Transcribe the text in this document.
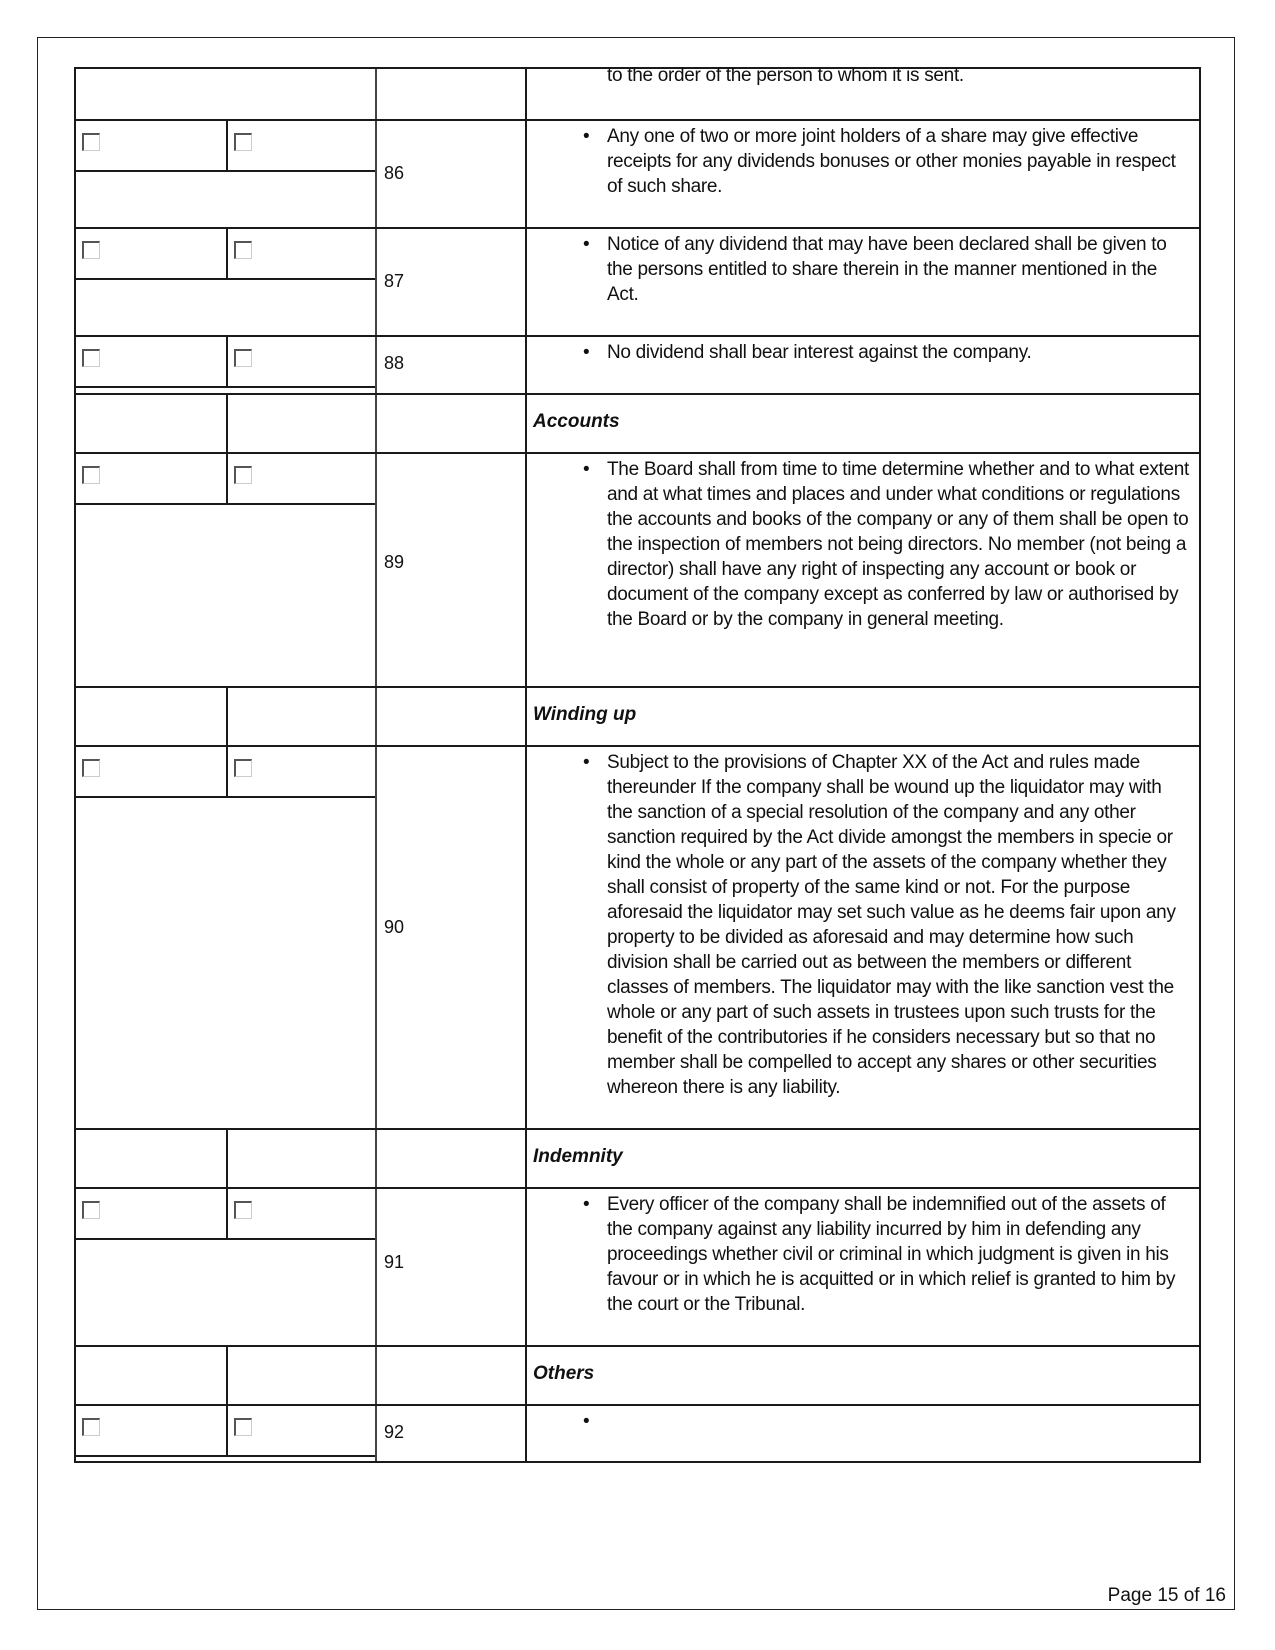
to the order of the person to whom it is sent.
86
• Any one of two or more joint holders of a share may give effective receipts for any dividends bonuses or other monies payable in respect of such share.
87
• Notice of any dividend that may have been declared shall be given to the persons entitled to share therein in the manner mentioned in the Act.
88	• No dividend shall bear interest against the company.
Accounts
89
• The Board shall from time to time determine whether and to what extent and at what times and places and under what conditions or regulations the accounts and books of the company or any of them shall be open to the inspection of members not being directors. No member (not being a director) shall have any right of inspecting any account or book or document of the company except as conferred by law or authorised by the Board or by the company in general meeting.
Winding up
90
• Subject to the provisions of Chapter XX of the Act and rules made thereunder If the company shall be wound up the liquidator may with the sanction of a special resolution of the company and any other sanction required by the Act divide amongst the members in specie or kind the whole or any part of the assets of the company whether they shall consist of property of the same kind or not. For the purpose aforesaid the liquidator may set such value as he deems fair upon any property to be divided as aforesaid and may determine how such division shall be carried out as between the members or different classes of members. The liquidator may with the like sanction vest the whole or any part of such assets in trustees upon such trusts for the benefit of the contributories if he considers necessary but so that no member shall be compelled to accept any shares or other securities whereon there is any liability.
Indemnity
91
• Every officer of the company shall be indemnified out of the assets of the company against any liability incurred by him in defending any proceedings whether civil or criminal in which judgment is given in his favour or in which he is acquitted or in which relief is granted to him by the court or the Tribunal.
Others
92	•
Page 15 of 16
